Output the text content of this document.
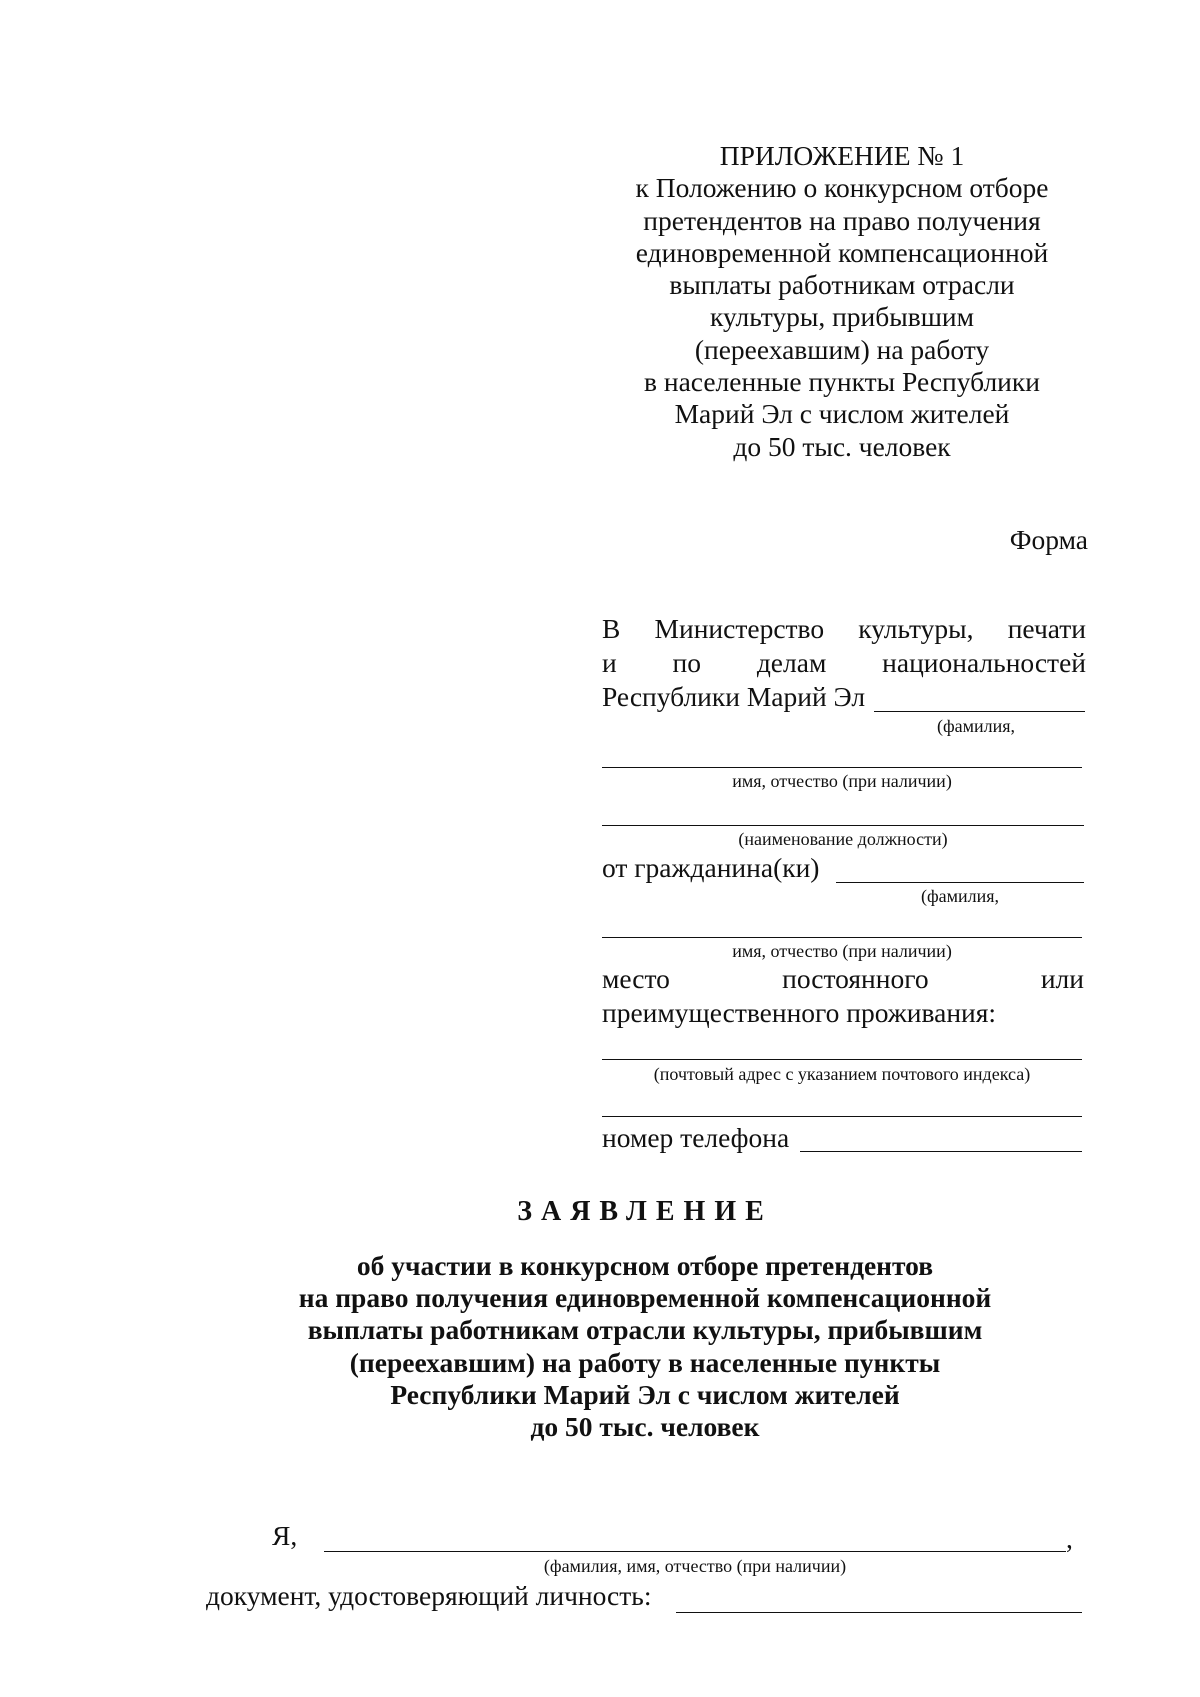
ПРИЛОЖЕНИЕ № 1
к Положению о конкурсном отборе
претендентов на право получения
единовременной компенсационной
выплаты работникам отрасли
культуры, прибывшим
(переехавшим) на работу
в населенные пункты Республики
Марий Эл с числом жителей
до 50 тыс. человек
Форма
В Министерство культуры, печати
и по делам национальностей
Республики Марий Эл
(фамилия,
имя, отчество (при наличии)
(наименование должности)
от гражданина(ки)
(фамилия,
имя, отчество (при наличии)
место	постоянного	или
преимущественного проживания:
(почтовый адрес с указанием почтового индекса)
номер телефона
ЗАЯВЛЕНИЕ
об участии в конкурсном отборе претендентов
на право получения единовременной компенсационной
выплаты работникам отрасли культуры, прибывшим
(переехавшим) на работу в населенные пункты
Республики Марий Эл с числом жителей
до 50 тыс. человек
Я,	,
(фамилия, имя, отчество (при наличии)
документ, удостоверяющий личность:
